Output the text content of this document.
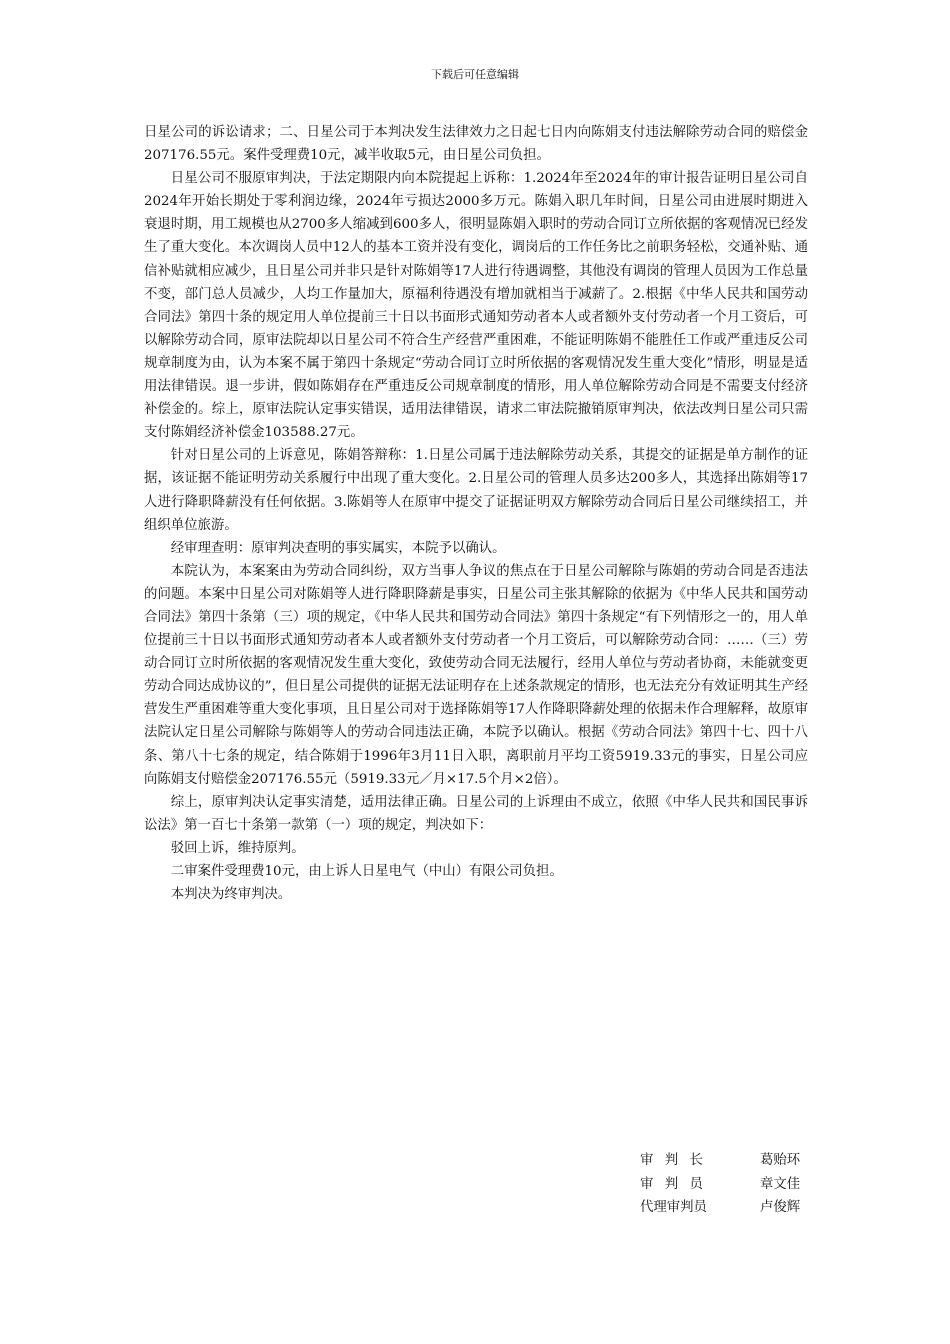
下载后可任意编辑

日星公司的诉讼请求；二、日星公司于本判决发生法律效力之日起七日内向陈娟支付违法解除劳动合同的赔偿金207176.55元。案件受理费10元，减半收取5元，由日星公司负担。

日星公司不服原审判决，于法定期限内向本院提起上诉称：1.2024年至2024年的审计报告证明日星公司自2024年开始长期处于零利润边缘，2024年亏损达2000多万元。陈娟入职几年时间，日星公司由进展时期进入衰退时期，用工规模也从2700多人缩减到600多人，很明显陈娟入职时的劳动合同订立所依据的客观情况已经发生了重大变化。本次调岗人员中12人的基本工资并没有变化，调岗后的工作任务比之前职务轻松，交通补贴、通信补贴就相应减少，且日星公司并非只是针对陈娟等17人进行待遇调整，其他没有调岗的管理人员因为工作总量不变，部门总人员减少，人均工作量加大，原福利待遇没有增加就相当于减薪了。2.根据《中华人民共和国劳动合同法》第四十条的规定用人单位提前三十日以书面形式通知劳动者本人或者额外支付劳动者一个月工资后，可以解除劳动合同，原审法院却以日星公司不符合生产经营严重困难，不能证明陈娟不能胜任工作或严重违反公司规章制度为由，认为本案不属于第四十条规定“劳动合同订立时所依据的客观情况发生重大变化”情形，明显是适用法律错误。退一步讲，假如陈娟存在严重违反公司规章制度的情形，用人单位解除劳动合同是不需要支付经济补偿金的。综上，原审法院认定事实错误，适用法律错误，请求二审法院撤销原审判决，依法改判日星公司只需支付陈娟经济补偿金103588.27元。

针对日星公司的上诉意见，陈娟答辩称：1.日星公司属于违法解除劳动关系，其提交的证据是单方制作的证据，该证据不能证明劳动关系履行中出现了重大变化。2.日星公司的管理人员多达200多人，其选择出陈娟等17人进行降职降薪没有任何依据。3.陈娟等人在原审中提交了证据证明双方解除劳动合同后日星公司继续招工，并组织单位旅游。

经审理查明：原审判决查明的事实属实，本院予以确认。

本院认为，本案案由为劳动合同纠纷，双方当事人争议的焦点在于日星公司解除与陈娟的劳动合同是否违法的问题。本案中日星公司对陈娟等人进行降职降薪是事实，日星公司主张其解除的依据为《中华人民共和国劳动合同法》第四十条第（三）项的规定，《中华人民共和国劳动合同法》第四十条规定“有下列情形之一的，用人单位提前三十日以书面形式通知劳动者本人或者额外支付劳动者一个月工资后，可以解除劳动合同：……（三）劳动合同订立时所依据的客观情况发生重大变化，致使劳动合同无法履行，经用人单位与劳动者协商，未能就变更劳动合同达成协议的”，但日星公司提供的证据无法证明存在上述条款规定的情形，也无法充分有效证明其生产经营发生严重困难等重大变化事项，且日星公司对于选择陈娟等17人作降职降薪处理的依据未作合理解释，故原审法院认定日星公司解除与陈娟等人的劳动合同违法正确，本院予以确认。根据《劳动合同法》第四十七、四十八条、第八十七条的规定，结合陈娟于1996年3月11日入职，离职前月平均工资5919.33元的事实，日星公司应向陈娟支付赔偿金207176.55元（5919.33元／月×17.5个月×2倍）。

综上，原审判决认定事实清楚，适用法律正确。日星公司的上诉理由不成立，依照《中华人民共和国民事诉讼法》第一百七十条第一款第（一）项的规定，判决如下：

驳回上诉，维持原判。

二审案件受理费10元，由上诉人日星电气（中山）有限公司负担。

本判决为终审判决。

审判长	葛贻环
审判员	章文佳
代理审判员	卢俊辉
